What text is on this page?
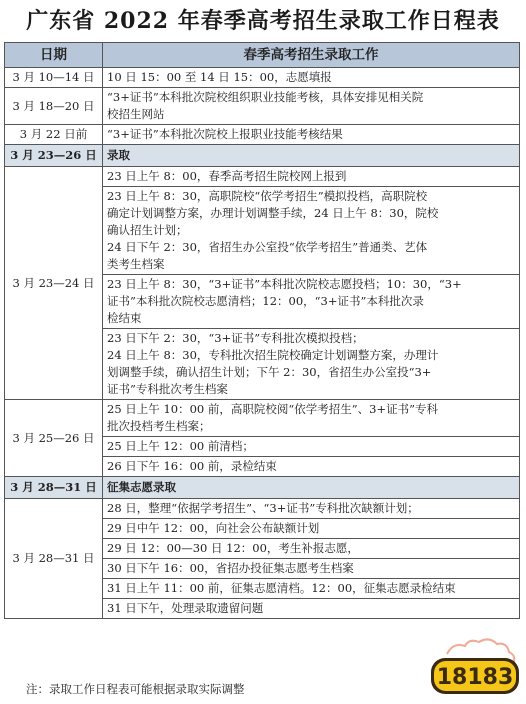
广东省 2022 年春季高考招生录取工作日程表
日期	春季高考招生录取工作
3 月 10—14 日	10 日 15：00 至 14 日 15：00，志愿填报

3 月 18—20 日	“3+证书”本科批次院校组织职业技能考核，具体安排见相关院
校招生网站

3 月 22 日前	“3+证书”本科批次院校上报职业技能考核结果

3 月 23—26 日	录取
3 月 23—24 日	23 日上午 8：00，春季高考招生院校网上报到

	23 日上午 8：30，高职院校“依学考招生”模拟投档，高职院校
确定计划调整方案，办理计划调整手续，24 日上午 8：30，院校
确认招生计划；
24 日下午 2：30，省招生办公室投“依学考招生”普通类、艺体
类考生档案

	23 日上午 8：30，“3+证书”本科批次院校志愿投档；10：30，“3+
证书”本科批次院校志愿清档；12：00，“3+证书”本科批次录
检结束

	23 日下午 2：30，“3+证书”专科批次模拟投档；
24 日上午 8：30，专科批次招生院校确定计划调整方案，办理计
划调整手续，确认招生计划；下午 2：30，省招生办公室投“3+
证书”专科批次考生档案

3 月 25—26 日	25 日上午 10：00 前，高职院校阅“依学考招生”、3+证书”专科
批次投档考生档案；

	25 日上午 12：00 前清档；

	26 日下午 16：00 前，录检结束

3 月 28—31 日	征集志愿录取
3 月 28—31 日	28 日，整理“依据学考招生”、“3+证书”专科批次缺额计划；

	29 日中午 12：00，向社会公布缺额计划

	29 日 12：00—30 日 12：00，考生补报志愿，

	30 日下午 16：00，省招办投征集志愿考生档案

	31 日上午 11：00 前，征集志愿清档。12：00，征集志愿录检结束

	31 日下午，处理录取遗留问题
注：录取工作日程表可能根据录取实际调整	18183
